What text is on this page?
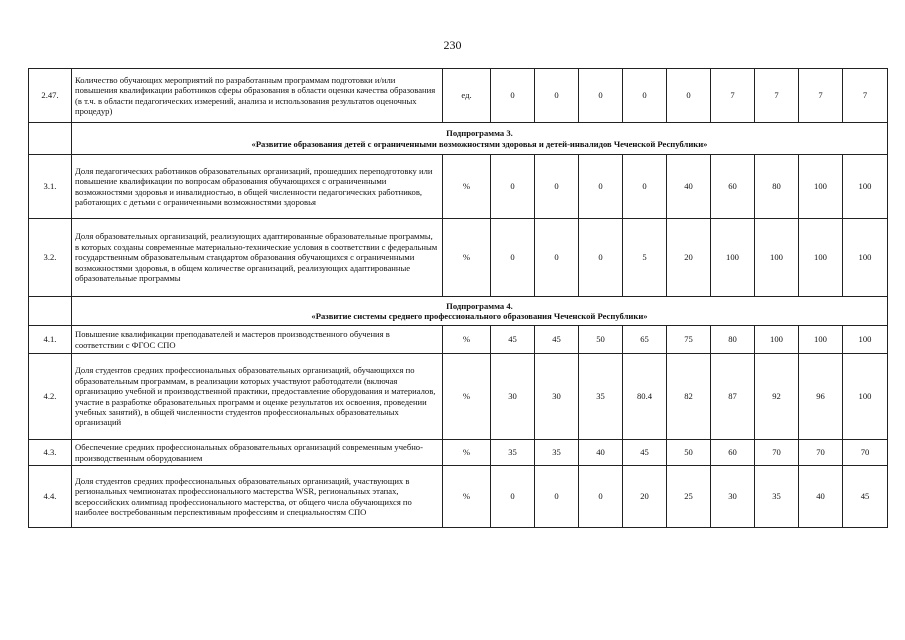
230
2.47.	Количество обучающих мероприятий по разработанным программам подготовки и/или повышения квалификации работников сферы образования в области оценки качества образования (в т.ч. в области педагогических измерений, анализа и использования результатов оценочных процедур)	ед.	0	0	0	0	0	7	7	7	7

	Подпрограмма 3.
«Развитие образования детей с ограниченными возможностями здоровья и детей-инвалидов Чеченской Республики»										

3.1.	Доля педагогических работников образовательных организаций, прошедших переподготовку или повышение квалификации по вопросам образования обучающихся с ограниченными возможностями здоровья и инвалидностью, в общей численности педагогических работников, работающих с детьми с ограниченными возможностями здоровья	%	0	0	0	0	40	60	80	100	100
3.2.	Доля образовательных организаций, реализующих адаптированные образовательные программы, в которых созданы современные материально-технические условия в соответствии с федеральным государственным образовательным стандартом образования обучающихся с ограниченными возможностями здоровья, в общем количестве организаций, реализующих адаптированные образовательные программы	%	0	0	0	5	20	100	100	100	100

	Подпрограмма 4.
«Развитие системы среднего профессионального образования Чеченской Республики»										

4.1.	Повышение квалификации преподавателей и мастеров производственного обучения в соответствии с ФГОС СПО	%	45	45	50	65	75	80	100	100	100
4.2.	Доля студентов средних профессиональных образовательных организаций, обучающихся по образовательным программам, в реализации которых участвуют работодатели (включая организацию учебной и производственной практики, предоставление оборудования и материалов, участие в разработке образовательных программ и оценке результатов их освоения, проведении учебных занятий), в общей численности студентов профессиональных образовательных организаций	%	30	30	35	80.4	82	87	92	96	100
4.3.	Обеспечение средних профессиональных образовательных организаций современным учебно-производственным оборудованием	%	35	35	40	45	50	60	70	70	70
4.4.	Доля студентов средних профессиональных образовательных организаций, участвующих в региональных чемпионатах профессионального мастерства WSR, региональных этапах, всероссийских олимпиад профессионального мастерства, от общего числа обучающихся по наиболее востребованным перспективным профессиям и специальностям СПО	%	0	0	0	20	25	30	35	40	45
